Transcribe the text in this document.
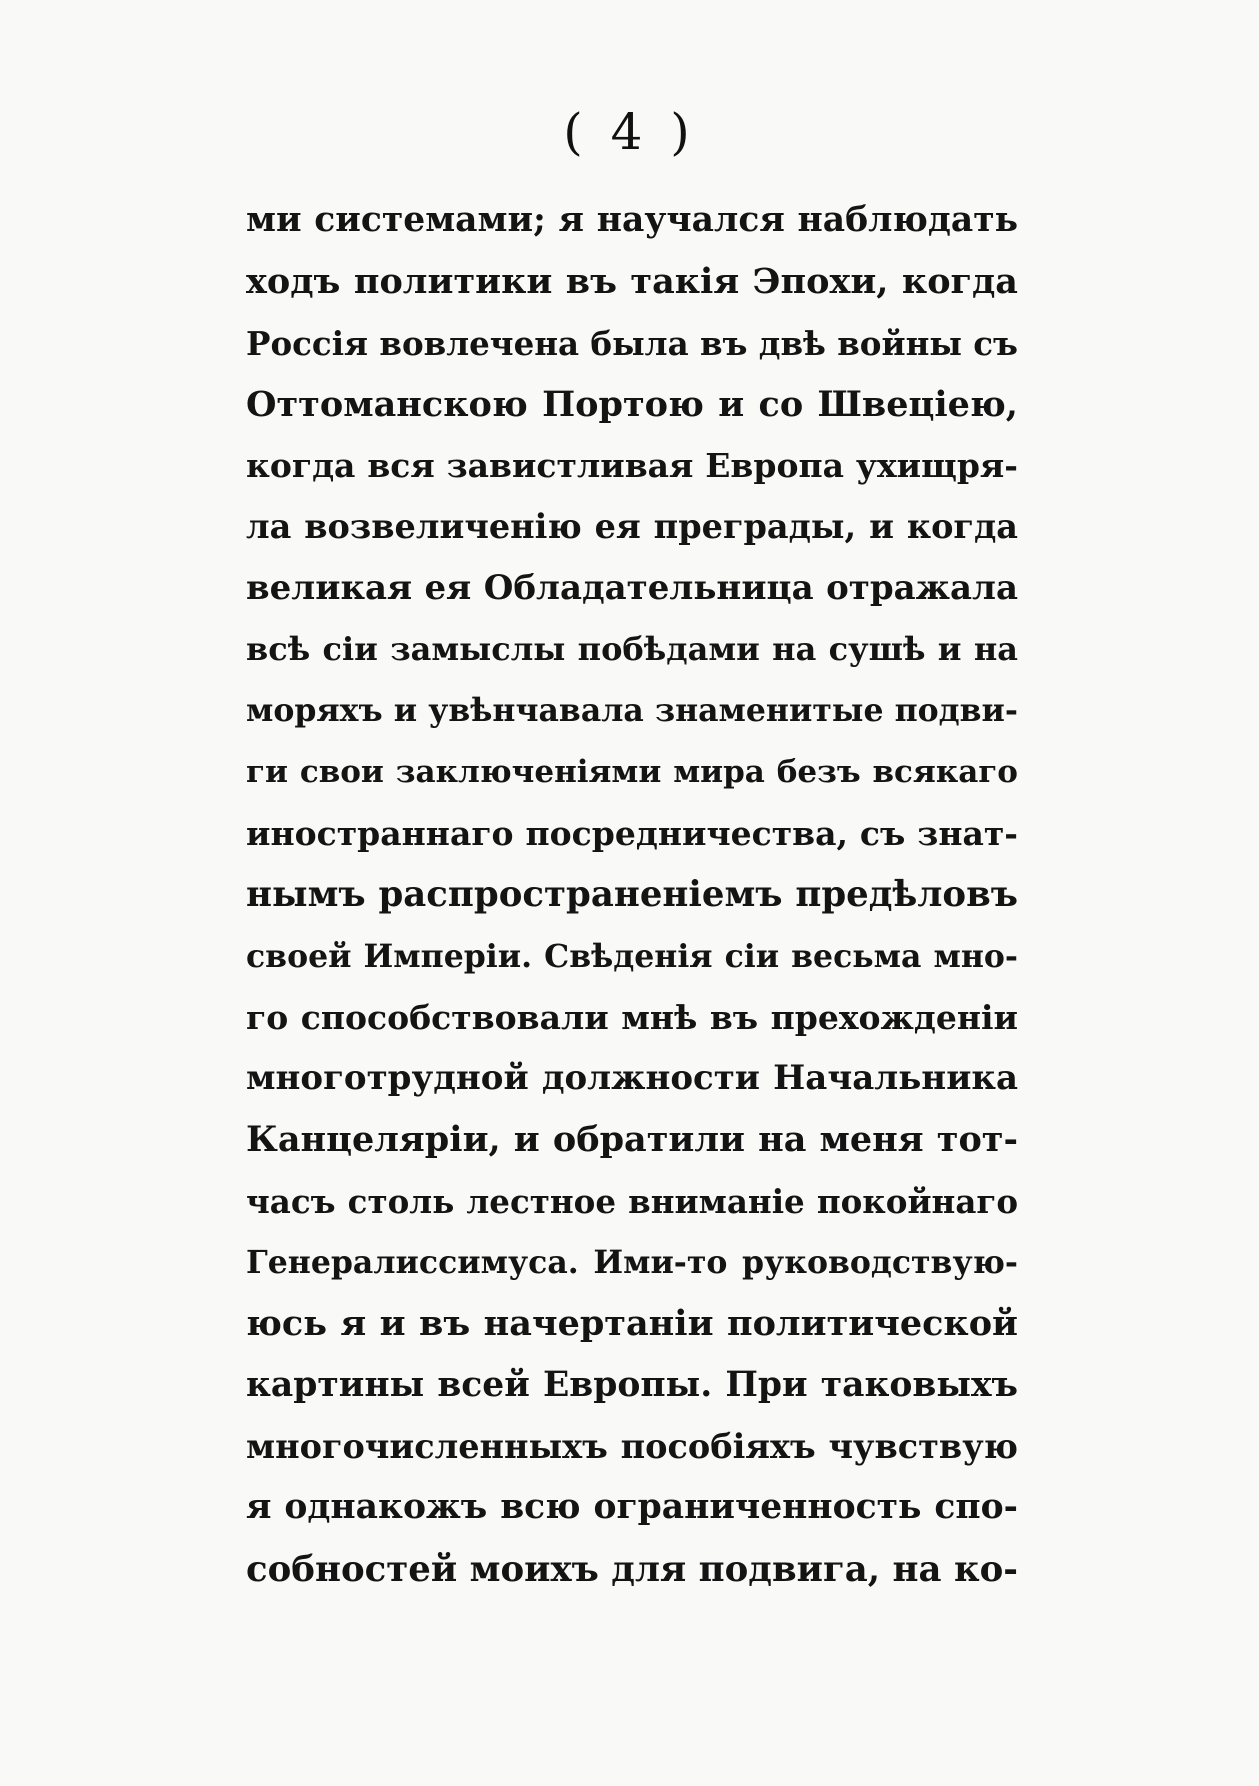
( 4 )
ми системами; я научался наблюдать
ходъ политики въ такія Эпохи, когда
Россія вовлечена была въ двѣ войны съ
Оттоманскою Портою и со Швеціею,
когда вся завистливая Европа ухищря-
ла возвеличенію ея преграды, и когда
великая ея Обладательница отражала
всѣ сіи замыслы побѣдами на сушѣ и на
моряхъ и увѣнчавала знаменитые подви-
ги свои заключеніями мира безъ всякаго
иностраннаго посредничества, съ знат-
нымъ распространеніемъ предѣловъ
своей Имперіи. Свѣденія сіи весьма мно-
го способствовали мнѣ въ прехожденіи
многотрудной должности Начальника
Канцеляріи, и обратили на меня тот-
часъ столь лестное вниманіе покойнаго
Генералиссимуса. Ими-то руководствую-
юсь я и въ начертаніи политической
картины всей Европы. При таковыхъ
многочисленныхъ пособіяхъ чувствую
я однакожъ всю ограниченность спо-
собностей моихъ для подвига, на ко-
